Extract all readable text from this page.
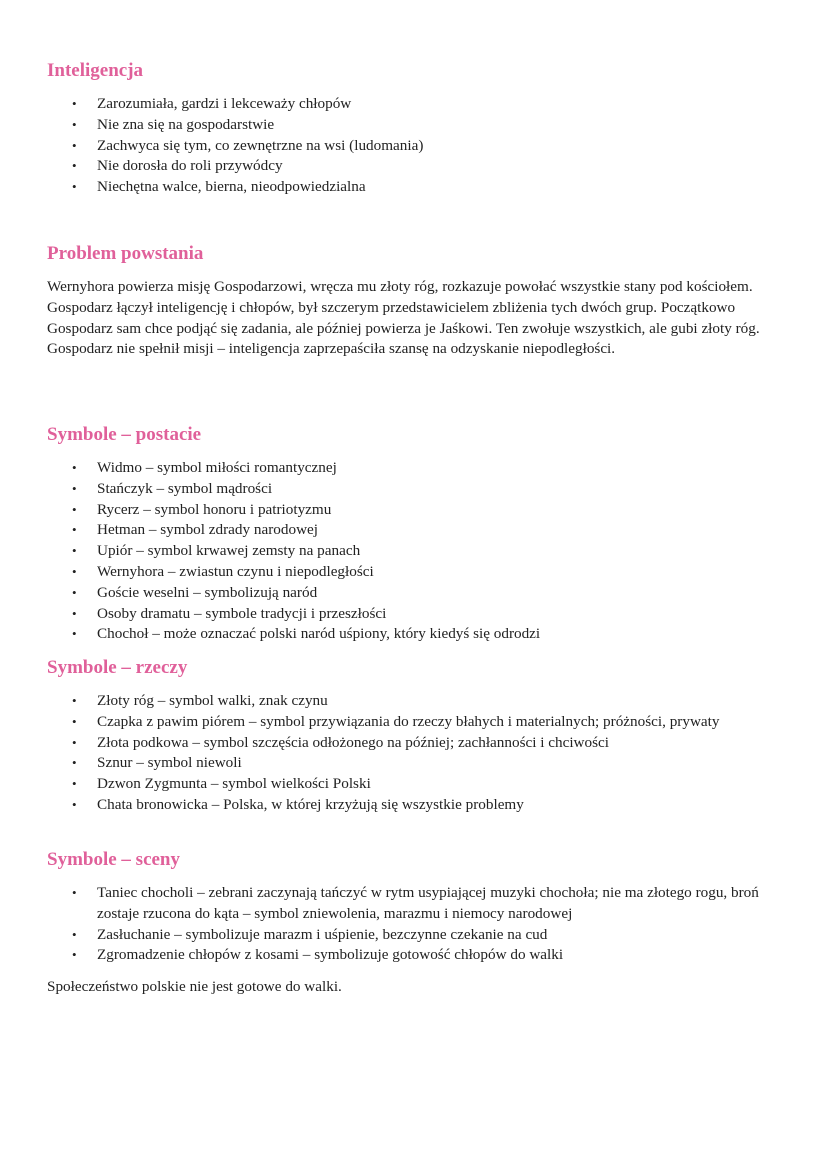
Inteligencja
• Zarozumiała, gardzi i lekceważy chłopów
• Nie zna się na gospodarstwie
• Zachwyca się tym, co zewnętrzne na wsi (ludomania)
• Nie dorosła do roli przywódcy
• Niechętna walce, bierna, nieodpowiedzialna
Problem powstania

Wernyhora powierza misję Gospodarzowi, wręcza mu złoty róg, rozkazuje powołać wszystkie stany pod kościołem. Gospodarz łączył inteligencję i chłopów, był szczerym przedstawicielem zbliżenia tych dwóch grup. Początkowo Gospodarz sam chce podjąć się zadania, ale później powierza je Jaśkowi. Ten zwołuje wszystkich, ale gubi złoty róg. Gospodarz nie spełnił misji – inteligencja zaprzepaściła szansę na odzyskanie niepodległości.

Symbole – postacie
• Widmo – symbol miłości romantycznej
• Stańczyk – symbol mądrości
• Rycerz – symbol honoru i patriotyzmu
• Hetman – symbol zdrady narodowej
• Upiór – symbol krwawej zemsty na panach
• Wernyhora – zwiastun czynu i niepodległości
• Goście weselni – symbolizują naród
• Osoby dramatu – symbole tradycji i przeszłości
• Chochoł – może oznaczać polski naród uśpiony, który kiedyś się odrodzi
Symbole – rzeczy
• Złoty róg – symbol walki, znak czynu
• Czapka z pawim piórem – symbol przywiązania do rzeczy błahych i materialnych; próżności, prywaty
• Złota podkowa – symbol szczęścia odłożonego na później; zachłanności i chciwości
• Sznur – symbol niewoli
• Dzwon Zygmunta – symbol wielkości Polski
• Chata bronowicka – Polska, w której krzyżują się wszystkie problemy
Symbole – sceny
• Taniec chocholi – zebrani zaczynają tańczyć w rytm usypiającej muzyki chochoła; nie ma złotego rogu, broń zostaje rzucona do kąta – symbol zniewolenia, marazmu i niemocy narodowej
• Zasłuchanie – symbolizuje marazm i uśpienie, bezczynne czekanie na cud
• Zgromadzenie chłopów z kosami – symbolizuje gotowość chłopów do walki

Społeczeństwo polskie nie jest gotowe do walki.
